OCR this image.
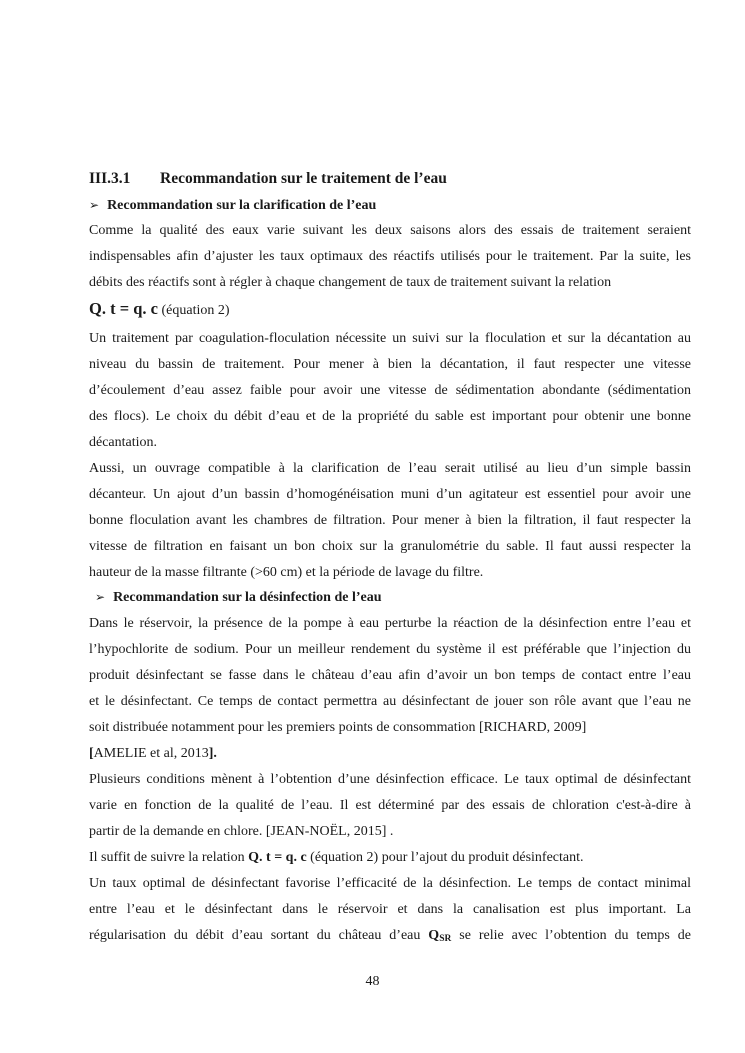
III.3.1 Recommandation sur le traitement de l’eau
➢ Recommandation sur la clarification de l’eau
Comme la qualité des eaux varie suivant les deux saisons alors des essais de traitement seraient
indispensables afin d’ajuster les taux optimaux des réactifs utilisés pour le traitement. Par la suite, les
débits des réactifs sont à régler à chaque changement de taux de traitement suivant la relation
Q. t = q. c (équation 2)
Un traitement par coagulation-floculation nécessite un suivi sur la floculation et sur la décantation au
niveau du bassin de traitement. Pour mener à bien la décantation, il faut respecter une vitesse
d’écoulement d’eau assez faible pour avoir une vitesse de sédimentation abondante (sédimentation
des flocs). Le choix du débit d’eau et de la propriété du sable est important pour obtenir une bonne
décantation.
Aussi, un ouvrage compatible à la clarification de l’eau serait utilisé au lieu d’un simple bassin
décanteur. Un ajout d’un bassin d’homogénéisation muni d’un agitateur est essentiel pour avoir une
bonne floculation avant les chambres de filtration. Pour mener à bien la filtration, il faut respecter la
vitesse de filtration en faisant un bon choix sur la granulométrie du sable. Il faut aussi respecter la
hauteur de la masse filtrante (>60 cm) et la période de lavage du filtre.
➢ Recommandation sur la désinfection de l’eau
Dans le réservoir, la présence de la pompe à eau perturbe la réaction de la désinfection entre l’eau et
l’hypochlorite de sodium. Pour un meilleur rendement du système il est préférable que l’injection du
produit désinfectant se fasse dans le château d’eau afin d’avoir un bon temps de contact entre l’eau
et le désinfectant. Ce temps de contact permettra au désinfectant de jouer son rôle avant que l’eau ne
soit distribuée notamment pour les premiers points de consommation [RICHARD, 2009]
[AMELIE et al, 2013].
Plusieurs conditions mènent à l’obtention d’une désinfection efficace. Le taux optimal de désinfectant
varie en fonction de la qualité de l’eau. Il est déterminé par des essais de chloration c'est-à-dire à
partir de la demande en chlore. [JEAN-NOËL, 2015] .
Il suffit de suivre la relation Q. t = q. c (équation 2) pour l’ajout du produit désinfectant.
Un taux optimal de désinfectant favorise l’efficacité de la désinfection. Le temps de contact minimal
entre l’eau et le désinfectant dans le réservoir et dans la canalisation est plus important. La
régularisation du débit d’eau sortant du château d’eau $Q_{SR}$ se relie avec l’obtention du temps de
48
